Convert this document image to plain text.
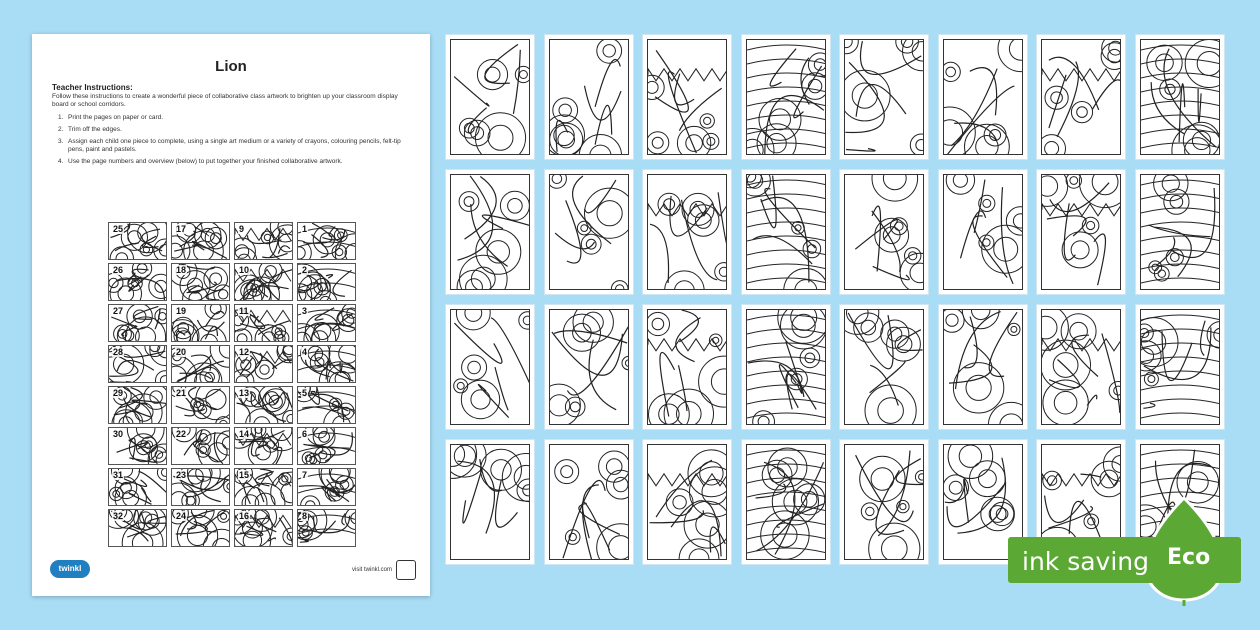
Lion
Teacher Instructions:
Follow these instructions to create a wonderful piece of collaborative class artwork to brighten up your classroom display board or school corridors.
1. Print the pages on paper or card.
2. Trim off the edges.
3. Assign each child one piece to complete, using a single art medium or a variety of crayons, colouring pencils, felt-tip pens, paint and pastels.
4. Use the page numbers and overview (below) to put together your finished collaborative artwork.
25	17	9	1
26	18	10	2
27	19	11	3
28	20	12	4
29	21	13	5
30	22	14	6
31	23	15	7
32	24	16	8
twinkl	visit twinkl.com	ink saving Eco
